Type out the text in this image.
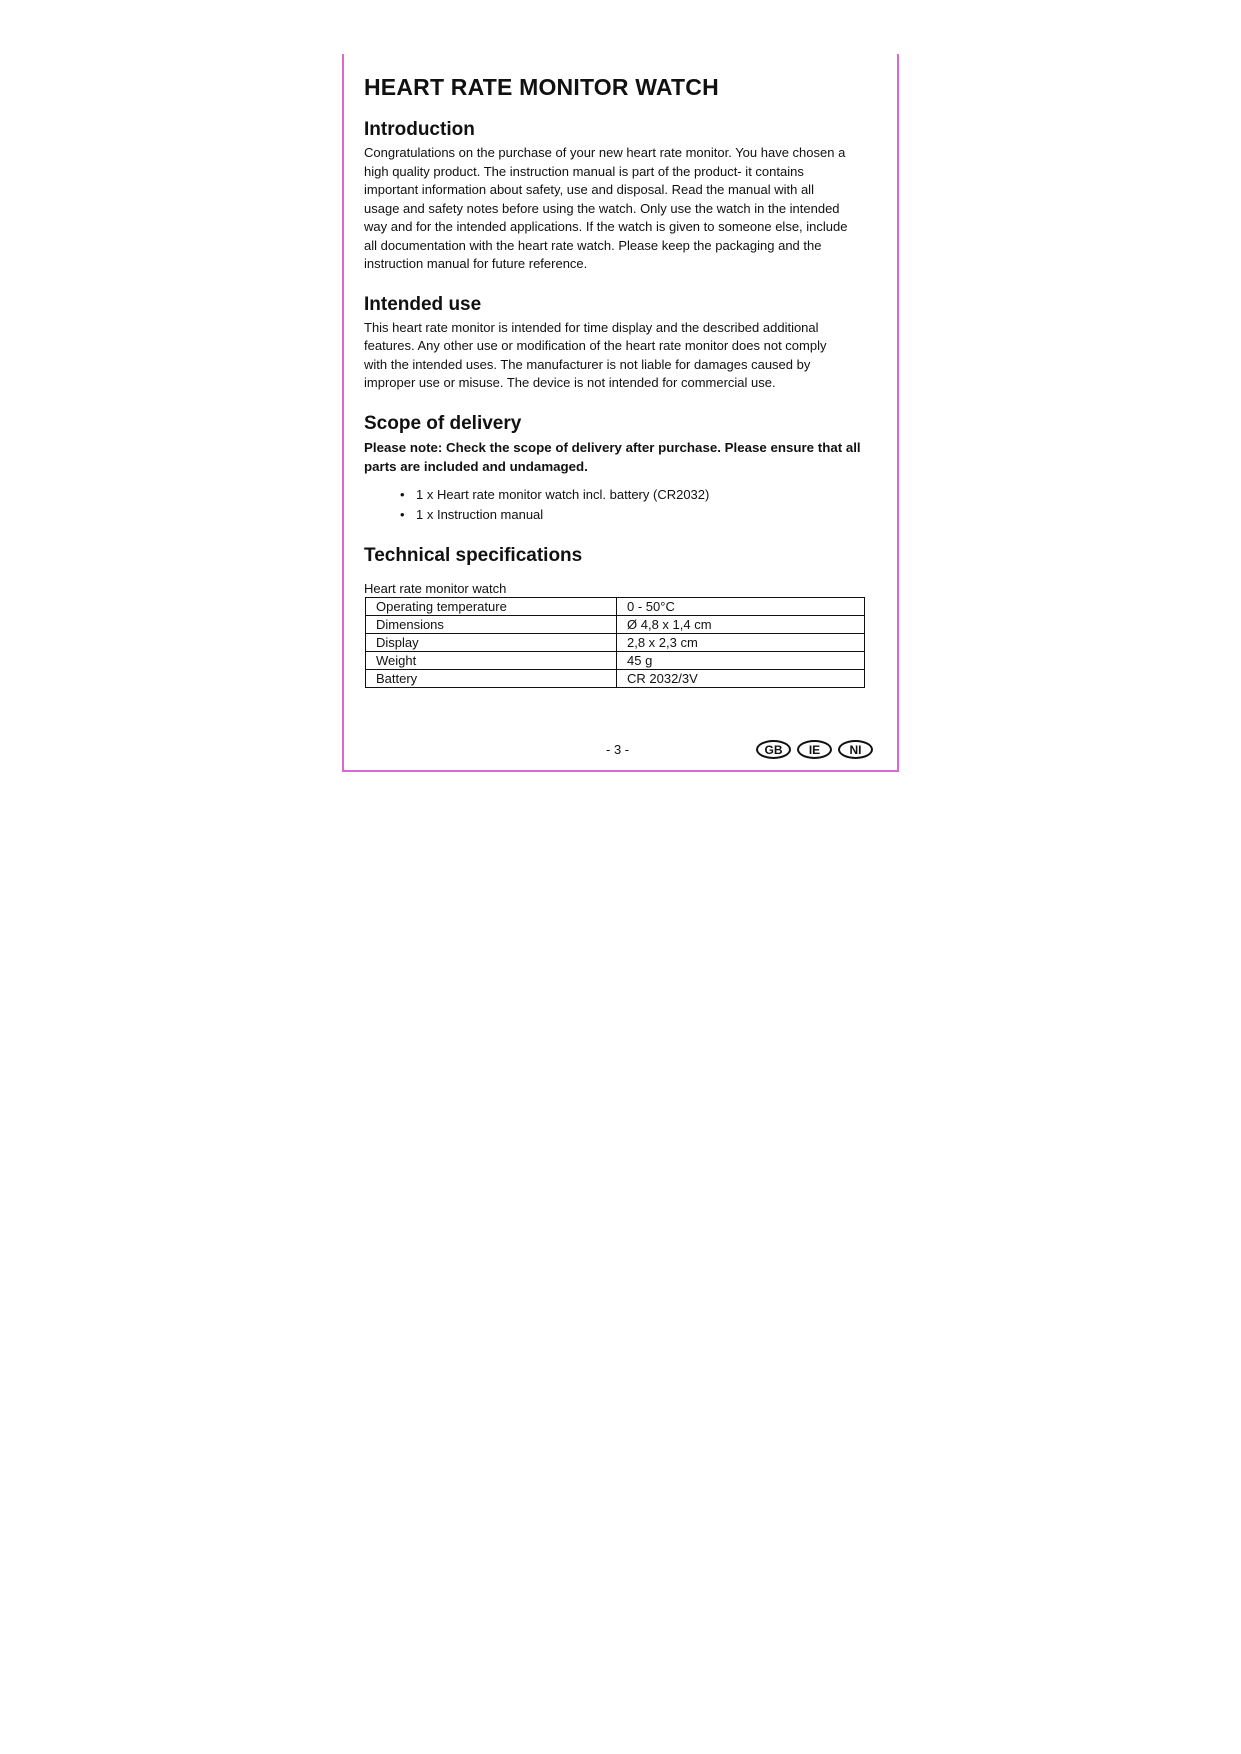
HEART RATE MONITOR WATCH
Introduction

Congratulations on the purchase of your new heart rate monitor. You have chosen a
high quality product. The instruction manual is part of the product- it contains
important information about safety, use and disposal. Read the manual with all
usage and safety notes before using the watch. Only use the watch in the intended
way and for the intended applications. If the watch is given to someone else, include
all documentation with the heart rate watch. Please keep the packaging and the
instruction manual for future reference.

Intended use

This heart rate monitor is intended for time display and the described additional
features. Any other use or modification of the heart rate monitor does not comply
with the intended uses. The manufacturer is not liable for damages caused by
improper use or misuse. The device is not intended for commercial use.

Scope of delivery

Please note: Check the scope of delivery after purchase. Please ensure that all
parts are included and undamaged.

• 1 x Heart rate monitor watch incl. battery (CR2032)
• 1 x Instruction manual
Technical specifications
Heart rate monitor watch
Operating temperature	0 - 50°C
Dimensions	Ø 4,8 x 1,4 cm
Display	2,8 x 2,3 cm
Weight	45 g
Battery	CR 2032/3V
- 3 -	GB	IE	NI
